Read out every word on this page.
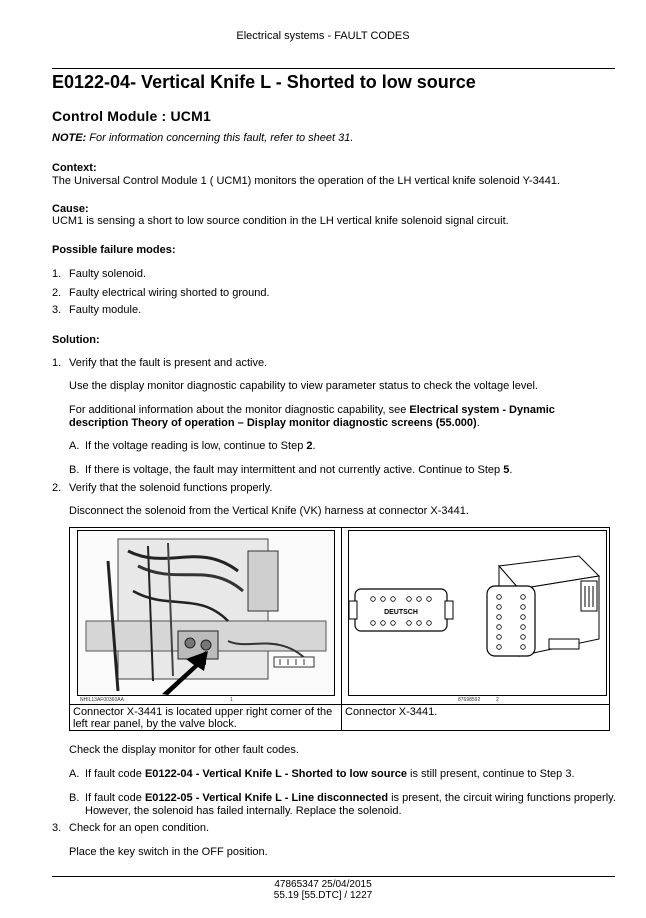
Electrical systems - FAULT CODES
E0122-04- Vertical Knife L - Shorted to low source
Control Module : UCM1
NOTE: For information concerning this fault, refer to sheet 31.
Context:
The Universal Control Module 1 ( UCM1) monitors the operation of the LH vertical knife solenoid Y-3441.
Cause:
UCM1 is sensing a short to low source condition in the LH vertical knife solenoid signal circuit.
Possible failure modes:
1. Faulty solenoid.
2. Faulty electrical wiring shorted to ground.
3. Faulty module.
Solution:
1. Verify that the fault is present and active.
Use the display monitor diagnostic capability to view parameter status to check the voltage level.
For additional information about the monitor diagnostic capability, see Electrical system - Dynamic description Theory of operation – Display monitor diagnostic screens (55.000).
A. If the voltage reading is low, continue to Step 2.
B. If there is voltage, the fault may intermittent and not currently active. Continue to Step 5.
2. Verify that the solenoid functions properly.
Disconnect the solenoid from the Vertical Knife (VK) harness at connector X-3441.
NHIL13AF00360AA	1
DEUTSCH
87698592	2
Connector X-3441 is located upper right corner of the left rear panel, by the valve block.
Connector X-3441.
Check the display monitor for other fault codes.
A. If fault code E0122-04 - Vertical Knife L - Shorted to low source is still present, continue to Step 3.
B. If fault code E0122-05 - Vertical Knife L - Line disconnected is present, the circuit wiring functions properly. However, the solenoid has failed internally. Replace the solenoid.
3. Check for an open condition.
Place the key switch in the OFF position.
47865347 25/04/2015
55.19 [55.DTC] / 1227
